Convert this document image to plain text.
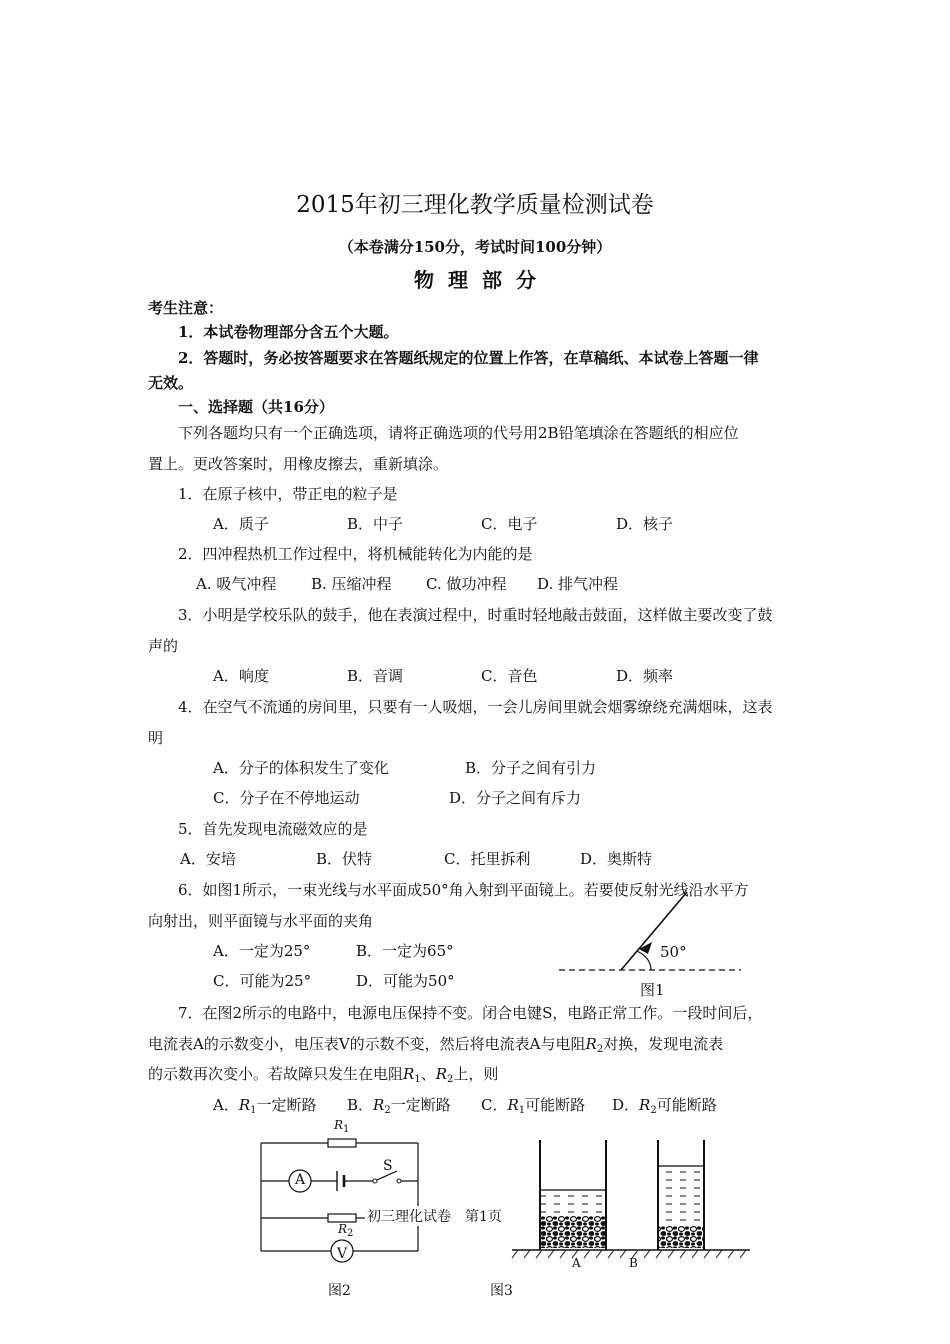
2015年初三理化教学质量检测试卷
（本卷满分150分，考试时间100分钟）
物理部分
考生注意：
1．本试卷物理部分含五个大题。
2．答题时，务必按答题要求在答题纸规定的位置上作答，在草稿纸、本试卷上答题一律
无效。
一、选择题（共16分）
下列各题均只有一个正确选项，请将正确选项的代号用2B铅笔填涂在答题纸的相应位
置上。更改答案时，用橡皮擦去，重新填涂。
1．在原子核中，带正电的粒子是
A．质子	B．中子	C．电子	D．核子
2．四冲程热机工作过程中，将机械能转化为内能的是
A. 吸气冲程 B. 压缩冲程 C. 做功冲程 D. 排气冲程
3．小明是学校乐队的鼓手，他在表演过程中，时重时轻地敲击鼓面，这样做主要改变了鼓
声的
A．响度	B．音调	C．音色	D．频率
4．在空气不流通的房间里，只要有一人吸烟，一会儿房间里就会烟雾缭绕充满烟味，这表
明
A．分子的体积发生了变化	B．分子之间有引力
C．分子在不停地运动	D．分子之间有斥力
5．首先发现电流磁效应的是
A．安培	B．伏特	C．托里拆利	D．奥斯特
6．如图1所示，一束光线与水平面成50°角入射到平面镜上。若要使反射光线沿水平方
向射出，则平面镜与水平面的夹角
A．一定为25°	B．一定为65°
C．可能为25°	D．可能为50°
50°
图1
7．在图2所示的电路中，电源电压保持不变。闭合电键S，电路正常工作。一段时间后，
电流表A的示数变小，电压表V的示数不变，然后将电流表A与电阻$R_2$对换，发现电流表
的示数再次变小。若故障只发生在电阻$R_1$、$R_2$上，则
A．$R_1$一定断路 B．$R_2$一定断路 C．$R_1$可能断路 D．$R_2$可能断路
$R_1$
A
S
$R_2$
V
图2
A	B
图3
初三理化试卷　第1页
